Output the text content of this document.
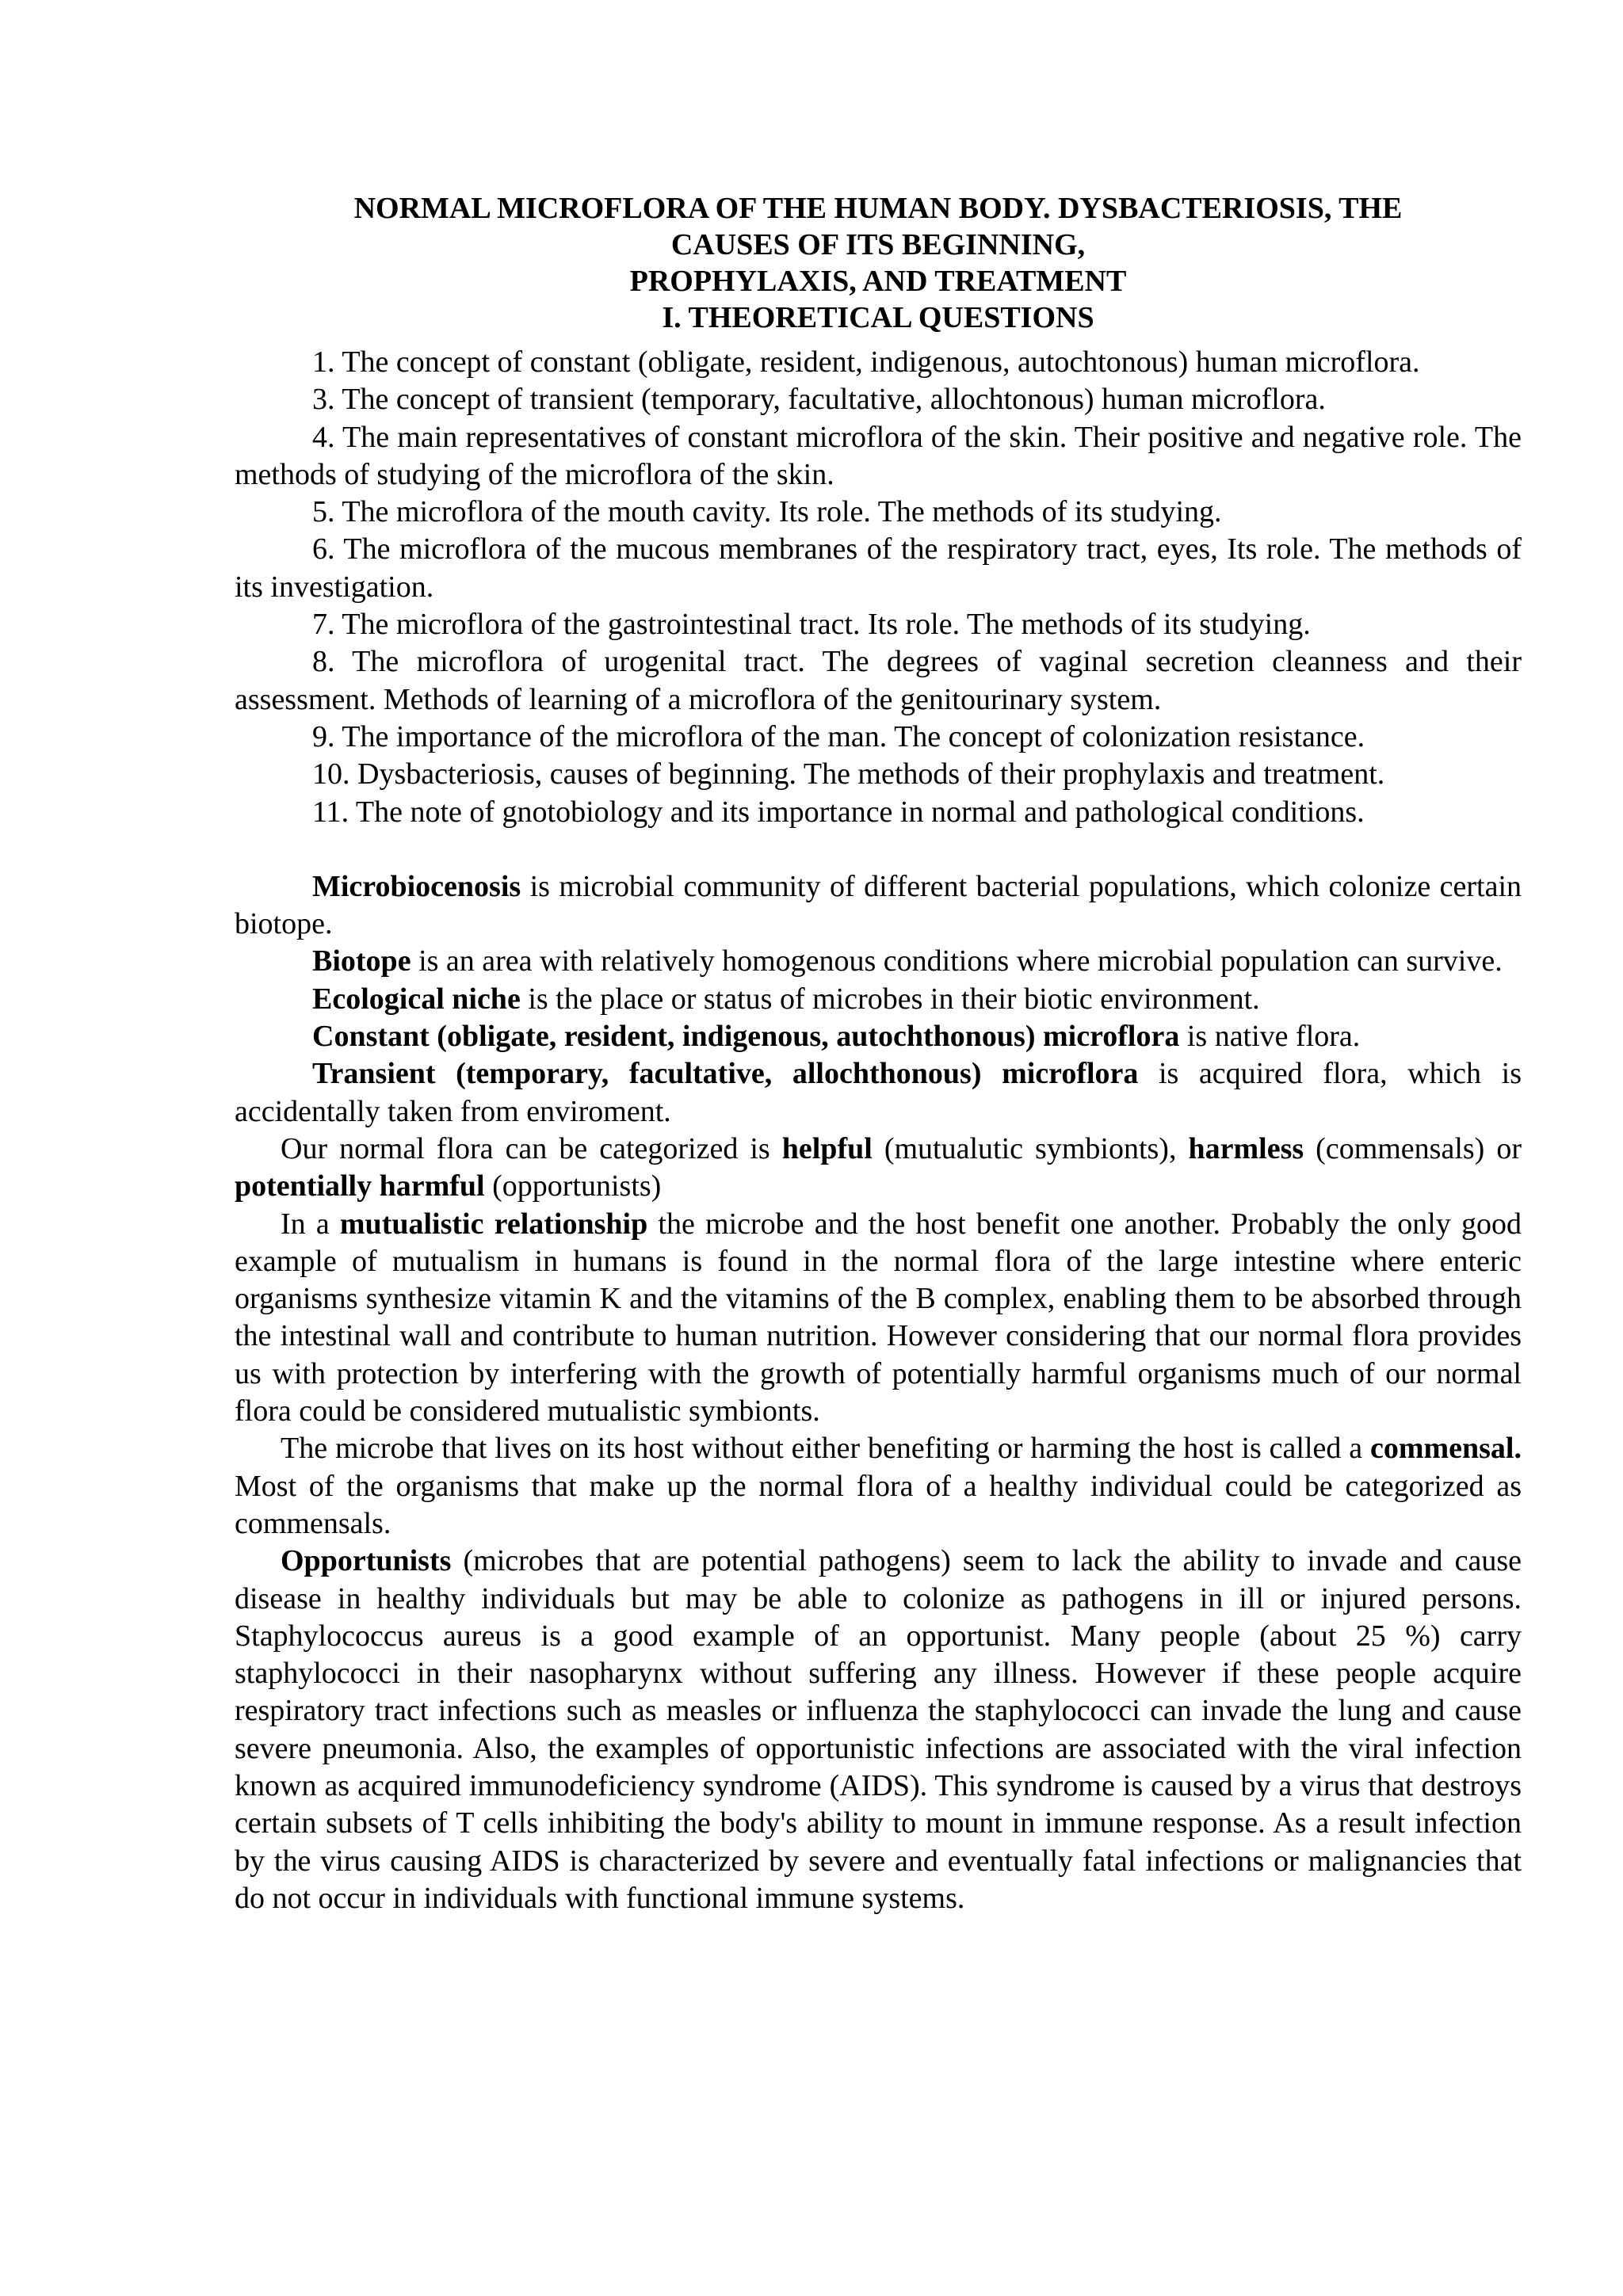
NORMAL MICROFLORA OF THE HUMAN BODY. DYSBACTERIOSIS, THE
CAUSES OF ITS BEGINNING,
PROPHYLAXIS, AND TREATMENT
I. THEORETICAL QUESTIONS

1. The concept of constant (obligate, resident, indigenous, autochtonous) human microflora.

3. The concept of transient (temporary, facultative, allochtonous) human microflora.

4. The main representatives of constant microflora of the skin. Their positive and negative role. The methods of studying of the microflora of the skin.

5. The microflora of the mouth cavity. Its role. The methods of its studying.

6. The microflora of the mucous membranes of the respiratory tract, eyes, Its role. The methods of its investigation.

7. The microflora of the gastrointestinal tract. Its role. The methods of its studying.

8. The microflora of urogenital tract. The degrees of vaginal secretion cleanness and their assessment. Methods of learning of a microflora of the genitourinary system.

9. The importance of the microflora of the man. The concept of colonization resistance.

10. Dysbacteriosis, causes of beginning. The methods of their prophylaxis and treatment.

11. The note of gnotobiology and its importance in normal and pathological conditions.

Microbiocenosis is microbial community of different bacterial populations, which colonize certain biotope.

Biotope is an area with relatively homogenous conditions where microbial population can survive.

Ecological niche is the place or status of microbes in their biotic environment.

Constant (obligate, resident, indigenous, autochthonous) microflora is native flora.

Transient (temporary, facultative, allochthonous) microflora is acquired flora, which is accidentally taken from enviroment.

Our normal flora can be categorized is helpful (mutualutic symbionts), harmless (commensals) or potentially harmful (opportunists)

In a mutualistic relationship the microbe and the host benefit one another. Probably the only good example of mutualism in humans is found in the normal flora of the large intestine where enteric organisms synthesize vitamin K and the vitamins of the B complex, enabling them to be absorbed through the intestinal wall and contribute to human nutrition. However considering that our normal flora provides us with protection by interfering with the growth of potentially harmful organisms much of our normal flora could be considered mutualistic symbionts.

The microbe that lives on its host without either benefiting or harming the host is called a commensal. Most of the organisms that make up the normal flora of a healthy individual could be categorized as commensals.

Opportunists (microbes that are potential pathogens) seem to lack the ability to invade and cause disease in healthy individuals but may be able to colonize as pathogens in ill or injured persons. Staphylococcus aureus is a good example of an opportunist. Many people (about 25 %) carry staphylococci in their nasopharynx without suffering any illness. However if these people acquire respiratory tract infections such as measles or influenza the staphylococci can invade the lung and cause severe pneumonia. Also, the examples of opportunistic infections are associated with the viral infection known as acquired immunodeficiency syndrome (AIDS). This syndrome is caused by a virus that destroys certain subsets of T cells inhibiting the body's ability to mount in immune response. As a result infection by the virus causing AIDS is characterized by severe and eventually fatal infections or malignancies that do not occur in individuals with functional immune systems.
